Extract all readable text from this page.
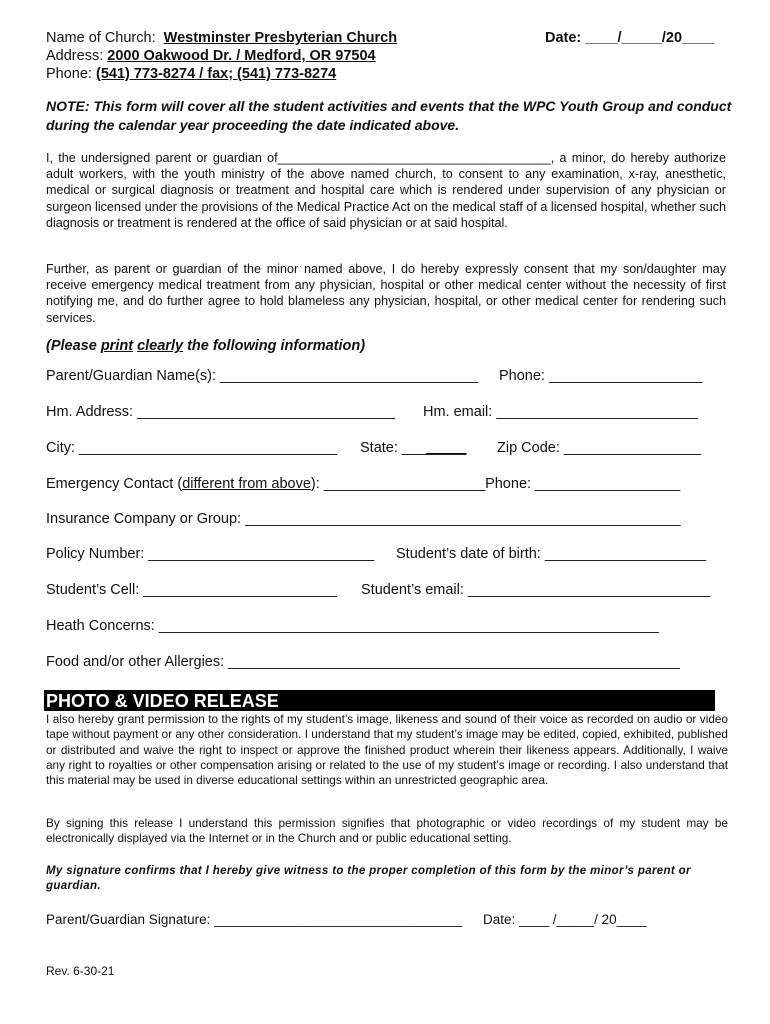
Name of Church: Westminster Presbyterian Church	Date: ____/_____/20____
Address: 2000 Oakwood Dr. / Medford, OR 97504
Phone: (541) 773-8274 / fax; (541) 773-8274
NOTE: This form will cover all the student activities and events that the WPC Youth Group and conduct during the calendar year proceeding the date indicated above.
I, the undersigned parent or guardian of_______________________________________, a minor, do hereby authorize adult workers, with the youth ministry of the above named church, to consent to any examination, x-ray, anesthetic, medical or surgical diagnosis or treatment and hospital care which is rendered under supervision of any physician or surgeon licensed under the provisions of the Medical Practice Act on the medical staff of a licensed hospital, whether such diagnosis or treatment is rendered at the office of said physician or at said hospital.
Further, as parent or guardian of the minor named above, I do hereby expressly consent that my son/daughter may receive emergency medical treatment from any physician, hospital or other medical center without the necessity of first notifying me, and do further agree to hold blameless any physician, hospital, or other medical center for rendering such services.
(Please print clearly the following information)
Parent/Guardian Name(s): ________________________________ Phone: ___________________
Hm. Address: ________________________________ Hm. email: _________________________
City: ________________________________ State: ________ Zip Code: _________________
Emergency Contact (different from above): ____________________Phone: __________________
Insurance Company or Group: ______________________________________________________
Policy Number: ____________________________ Student’s date of birth: ____________________
Student’s Cell: ________________________ Student’s email: ______________________________
Heath Concerns: ______________________________________________________________
Food and/or other Allergies: ________________________________________________________
PHOTO & VIDEO RELEASE
I also hereby grant permission to the rights of my student’s image, likeness and sound of their voice as recorded on audio or video tape without payment or any other consideration. I understand that my student’s image may be edited, copied, exhibited, published or distributed and waive the right to inspect or approve the finished product wherein their likeness appears. Additionally, I waive any right to royalties or other compensation arising or related to the use of my student’s image or recording. I also understand that this material may be used in diverse educational settings within an unrestricted geographic area.
By signing this release I understand this permission signifies that photographic or video recordings of my student may be electronically displayed via the Internet or in the Church and or public educational setting.
My signature confirms that I hereby give witness to the proper completion of this form by the minor’s parent or guardian.
Parent/Guardian Signature: _________________________________ Date: ____ /_____/ 20____
Rev. 6-30-21
